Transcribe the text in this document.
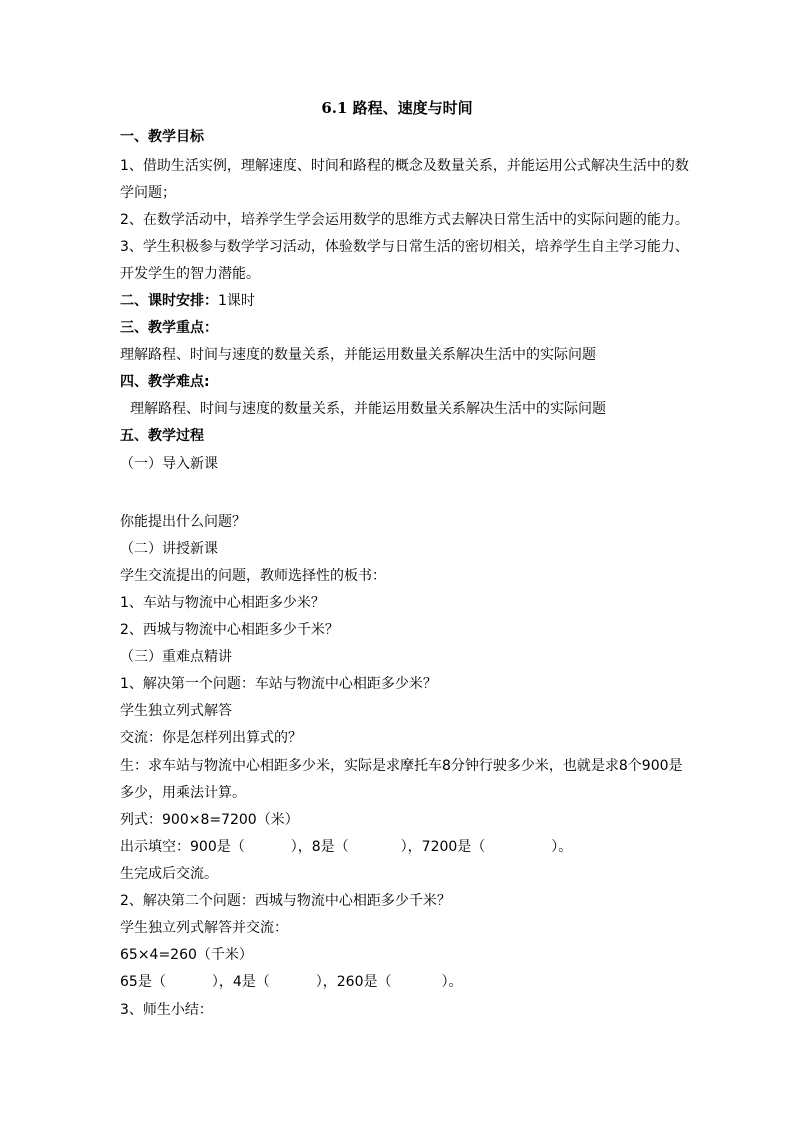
6.1 路程、速度与时间
一、教学目标
1、借助生活实例，理解速度、时间和路程的概念及数量关系，并能运用公式解决生活中的数
学问题；
2、在数学活动中，培养学生学会运用数学的思维方式去解决日常生活中的实际问题的能力。
3、学生积极参与数学学习活动，体验数学与日常生活的密切相关，培养学生自主学习能力、
开发学生的智力潜能。
二、课时安排：1课时
三、教学重点：
理解路程、时间与速度的数量关系，并能运用数量关系解决生活中的实际问题
四、教学难点:
理解路程、时间与速度的数量关系，并能运用数量关系解决生活中的实际问题
五、教学过程
（一）导入新课
你能提出什么问题？
（二）讲授新课
学生交流提出的问题，教师选择性的板书：
1、车站与物流中心相距多少米？
2、西城与物流中心相距多少千米？
（三）重难点精讲
1、解决第一个问题：车站与物流中心相距多少米？
学生独立列式解答
交流：你是怎样列出算式的？
生：求车站与物流中心相距多少米，实际是求摩托车8分钟行驶多少米，也就是求8个900是
多少，用乘法计算。
列式：900×8=7200（米）
出示填空：900是（	），8是（	），7200是（	）。
生完成后交流。
2、解决第二个问题：西城与物流中心相距多少千米？
学生独立列式解答并交流：
65×4=260（千米）
65是（	），4是（	），260是（	）。
3、师生小结：
